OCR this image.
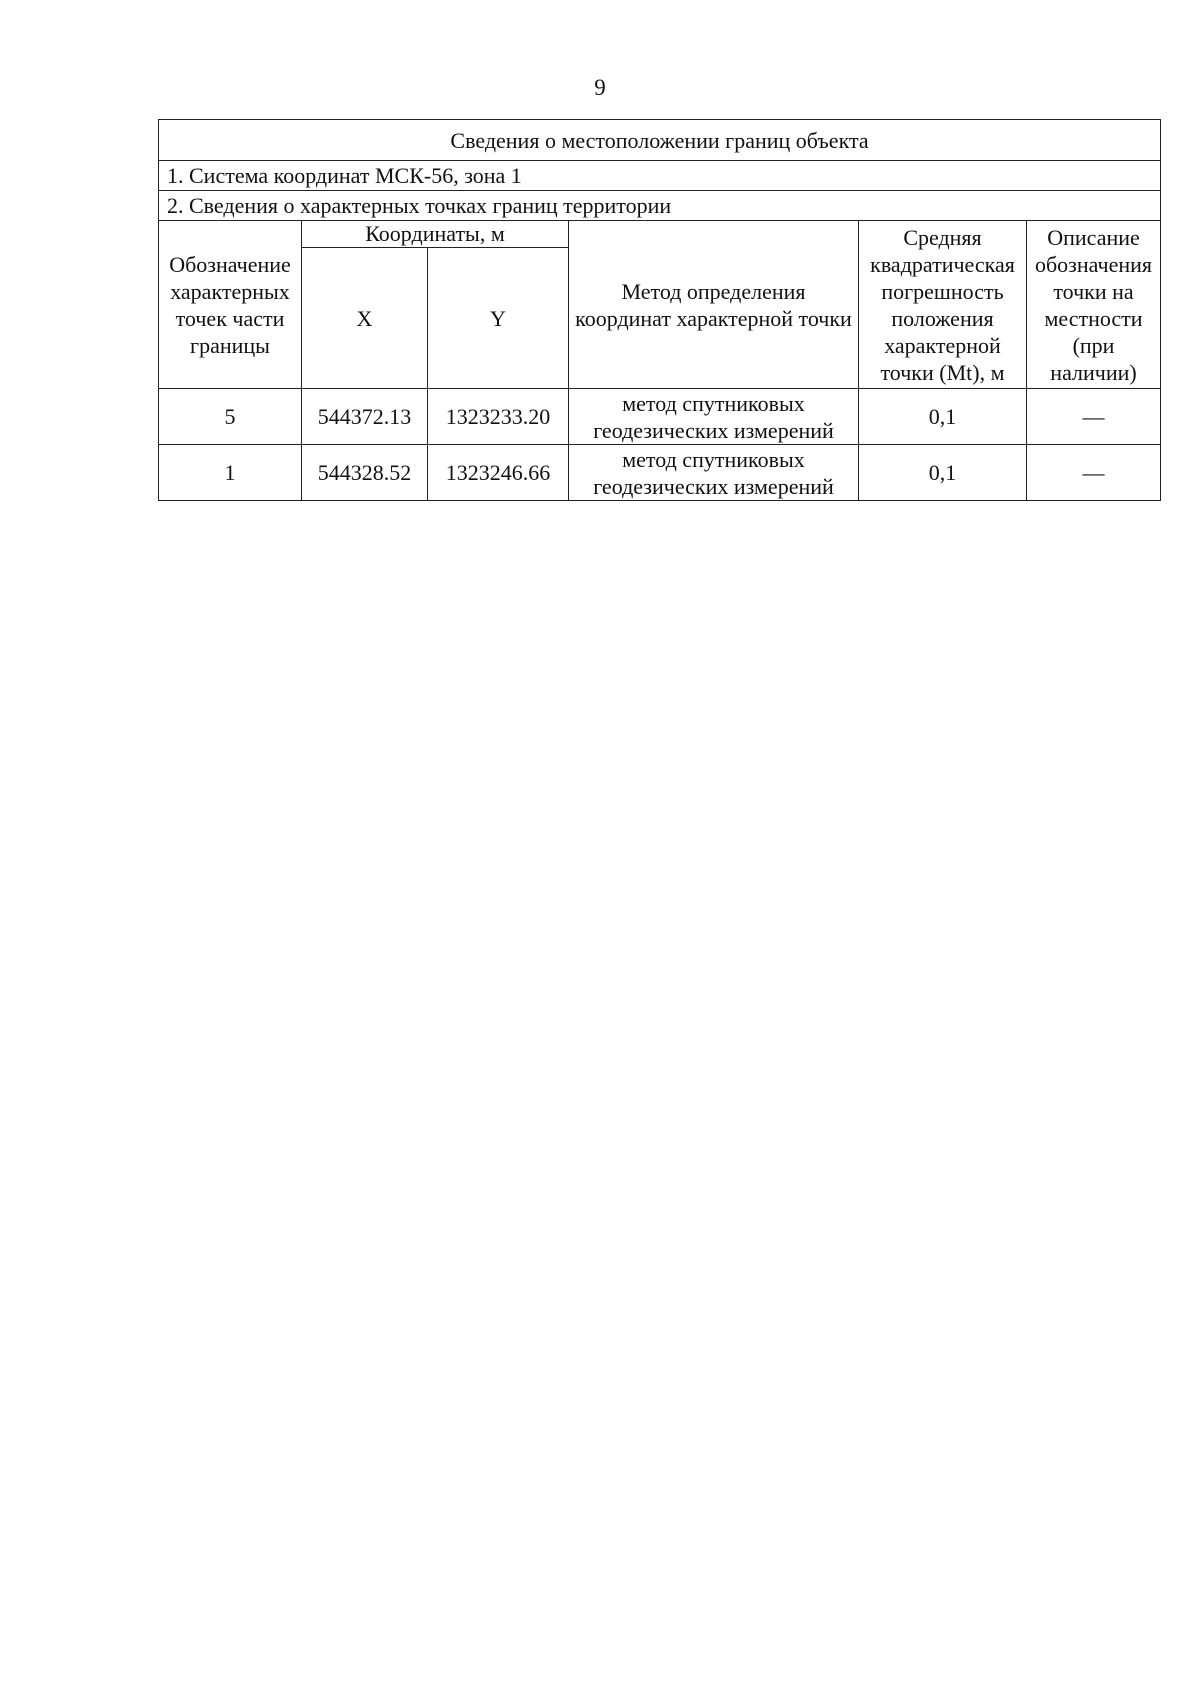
9
Сведения о местоположении границ объекта					
1. Система координат МСК-56, зона 1					
2. Сведения о характерных точках границ территории					
Обозначение характерных точек части границы	Координаты, м		Метод определения координат характерной точки	Средняя квадратическая погрешность положения характерной точки (Mt), м	Описание обозначения точки на местности (при наличии)
	X	Y			
5	544372.13	1323233.20	метод спутниковых геодезических измерений	0,1	—
1	544328.52	1323246.66	метод спутниковых геодезических измерений	0,1	—
